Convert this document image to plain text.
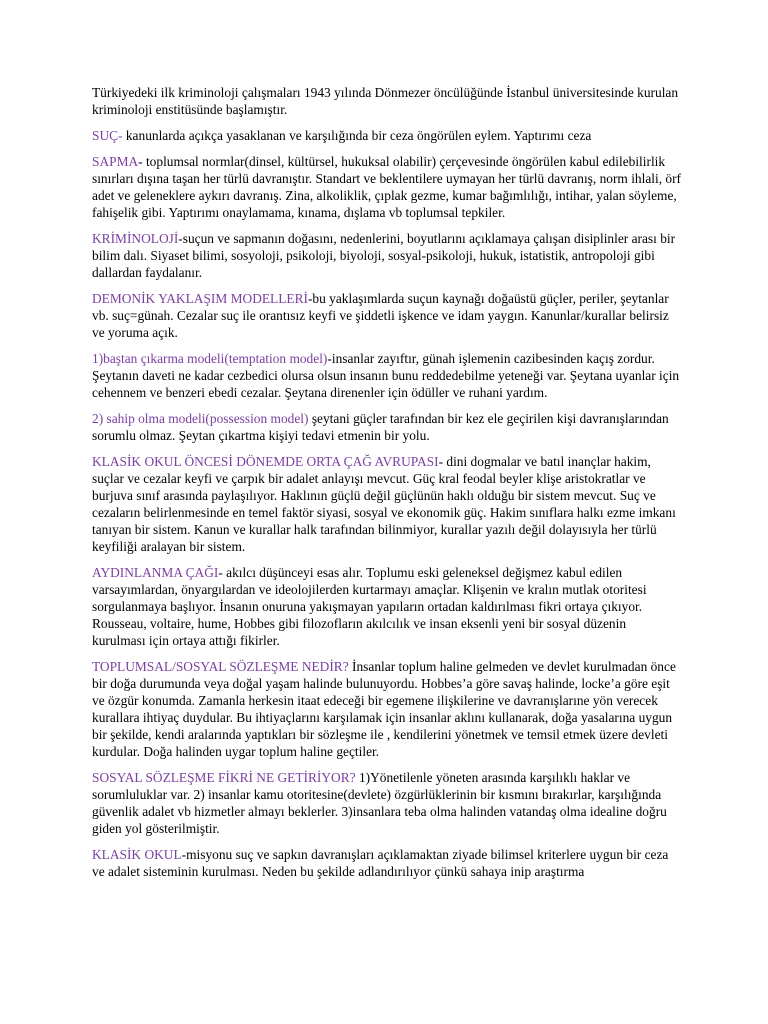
Türkiyedeki ilk kriminoloji çalışmaları 1943 yılında Dönmezer öncülüğünde İstanbul üniversitesinde kurulan kriminoloji enstitüsünde başlamıştır.

SUÇ- kanunlarda açıkça yasaklanan ve karşılığında bir ceza öngörülen eylem. Yaptırımı ceza

SAPMA- toplumsal normlar(dinsel, kültürsel, hukuksal olabilir) çerçevesinde öngörülen kabul edilebilirlik sınırları dışına taşan her türlü davranıştır. Standart ve beklentilere uymayan her türlü davranış, norm ihlali, örf adet ve geleneklere aykırı davranış. Zina, alkoliklik, çıplak gezme, kumar bağımlılığı, intihar, yalan söyleme, fahişelik gibi. Yaptırımı onaylamama, kınama, dışlama vb toplumsal tepkiler.

KRİMİNOLOJİ-suçun ve sapmanın doğasını, nedenlerini, boyutlarını açıklamaya çalışan disiplinler arası bir bilim dalı. Siyaset bilimi, sosyoloji, psikoloji, biyoloji, sosyal-psikoloji, hukuk, istatistik, antropoloji gibi dallardan faydalanır.

DEMONİK YAKLAŞIM MODELLERİ-bu yaklaşımlarda suçun kaynağı doğaüstü güçler, periler, şeytanlar vb. suç=günah. Cezalar suç ile orantısız keyfi ve şiddetli işkence ve idam yaygın. Kanunlar/kurallar belirsiz ve yoruma açık.

1)baştan çıkarma modeli(temptation model)-insanlar zayıftır, günah işlemenin cazibesinden kaçış zordur. Şeytanın daveti ne kadar cezbedici olursa olsun insanın bunu reddedebilme yeteneği var. Şeytana uyanlar için cehennem ve benzeri ebedi cezalar. Şeytana direnenler için ödüller ve ruhani yardım.

2) sahip olma modeli(possession model) şeytani güçler tarafından bir kez ele geçirilen kişi davranışlarından sorumlu olmaz. Şeytan çıkartma kişiyi tedavi etmenin bir yolu.

KLASİK OKUL ÖNCESİ DÖNEMDE ORTA ÇAĞ AVRUPASI- dini dogmalar ve batıl inançlar hakim, suçlar ve cezalar keyfi ve çarpık bir adalet anlayışı mevcut. Güç kral feodal beyler klişe aristokratlar ve burjuva sınıf arasında paylaşılıyor. Haklının güçlü değil güçlünün haklı olduğu bir sistem mevcut. Suç ve cezaların belirlenmesinde en temel faktör siyasi, sosyal ve ekonomik güç. Hakim sınıflara halkı ezme imkanı tanıyan bir sistem. Kanun ve kurallar halk tarafından bilinmiyor, kurallar yazılı değil dolayısıyla her türlü keyfiliği aralayan bir sistem.

AYDINLANMA ÇAĞI- akılcı düşünceyi esas alır. Toplumu eski geleneksel değişmez kabul edilen varsayımlardan, önyargılardan ve ideolojilerden kurtarmayı amaçlar. Klişenin ve kralın mutlak otoritesi sorgulanmaya başlıyor. İnsanın onuruna yakışmayan yapıların ortadan kaldırılması fikri ortaya çıkıyor. Rousseau, voltaire, hume, Hobbes gibi filozofların akılcılık ve insan eksenli yeni bir sosyal düzenin kurulması için ortaya attığı fikirler.

TOPLUMSAL/SOSYAL SÖZLEŞME NEDİR? İnsanlar toplum haline gelmeden ve devlet kurulmadan önce bir doğa durumunda veya doğal yaşam halinde bulunuyordu. Hobbes’a göre savaş halinde, locke’a göre eşit ve özgür konumda. Zamanla herkesin itaat edeceği bir egemene ilişkilerine ve davranışlarıne yön verecek kurallara ihtiyaç duydular. Bu ihtiyaçlarını karşılamak için insanlar aklını kullanarak, doğa yasalarına uygun bir şekilde, kendi aralarında yaptıkları bir sözleşme ile , kendilerini yönetmek ve temsil etmek üzere devleti kurdular. Doğa halinden uygar toplum haline geçtiler.

SOSYAL SÖZLEŞME FİKRİ NE GETİRİYOR? 1)Yönetilenle yöneten arasında karşılıklı haklar ve sorumluluklar var. 2) insanlar kamu otoritesine(devlete) özgürlüklerinin bir kısmını bırakırlar, karşılığında güvenlik adalet vb hizmetler almayı beklerler. 3)insanlara teba olma halinden vatandaş olma idealine doğru giden yol gösterilmiştir.

KLASİK OKUL-misyonu suç ve sapkın davranışları açıklamaktan ziyade bilimsel kriterlere uygun bir ceza ve adalet sisteminin kurulması. Neden bu şekilde adlandırılıyor çünkü sahaya inip araştırma
